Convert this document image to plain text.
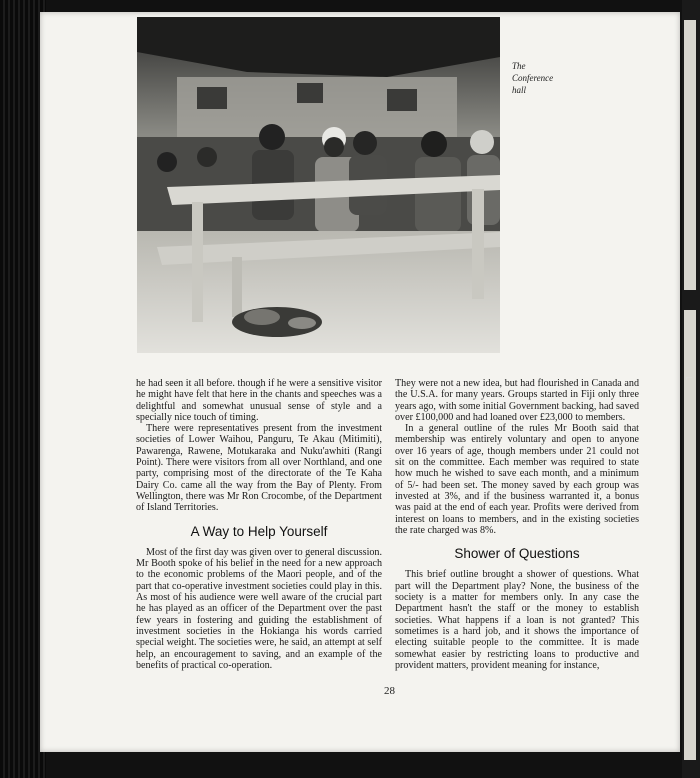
⌐
The
Conference
hall

he had seen it all before. though if he were a sensitive visitor he might have felt that here in the chants and speeches was a delightful and somewhat unusual sense of style and a specially nice touch of timing.

There were representatives present from the investment societies of Lower Waihou, Panguru, Te Akau (Mitimiti), Pawarenga, Rawene, Motukaraka and Nuku'awhiti (Rangi Point). There were visitors from all over Northland, and one party, comprising most of the directorate of the Te Kaha Dairy Co. came all the way from the Bay of Plenty. From Wellington, there was Mr Ron Crocombe, of the Department of Island Territories.

A Way to Help Yourself

Most of the first day was given over to general discussion. Mr Booth spoke of his belief in the need for a new approach to the economic problems of the Maori people, and of the part that co-operative investment societies could play in this. As most of his audience were well aware of the crucial part he has played as an officer of the Department over the past few years in fostering and guiding the establishment of investment societies in the Hokianga his words carried special weight. The societies were, he said, an attempt at self help, an encouragement to saving, and an example of the benefits of practical co-operation.

They were not a new idea, but had flourished in Canada and the U.S.A. for many years. Groups started in Fiji only three years ago, with some initial Government backing, had saved over £100,000 and had loaned over £23,000 to members.

In a general outline of the rules Mr Booth said that membership was entirely voluntary and open to anyone over 16 years of age, though members under 21 could not sit on the committee. Each member was required to state how much he wished to save each month, and a minimum of 5/- had been set. The money saved by each group was invested at 3%, and if the business warranted it, a bonus was paid at the end of each year. Profits were derived from interest on loans to members, and in the existing societies the rate charged was 8%.

Shower of Questions

This brief outline brought a shower of questions. What part will the Department play? None, the business of the society is a matter for members only. In any case the Department hasn't the staff or the money to establish societies. What happens if a loan is not granted? This sometimes is a hard job, and it shows the importance of electing suitable people to the committee. It is made somewhat easier by restricting loans to productive and provident matters, provident meaning for instance,

28
